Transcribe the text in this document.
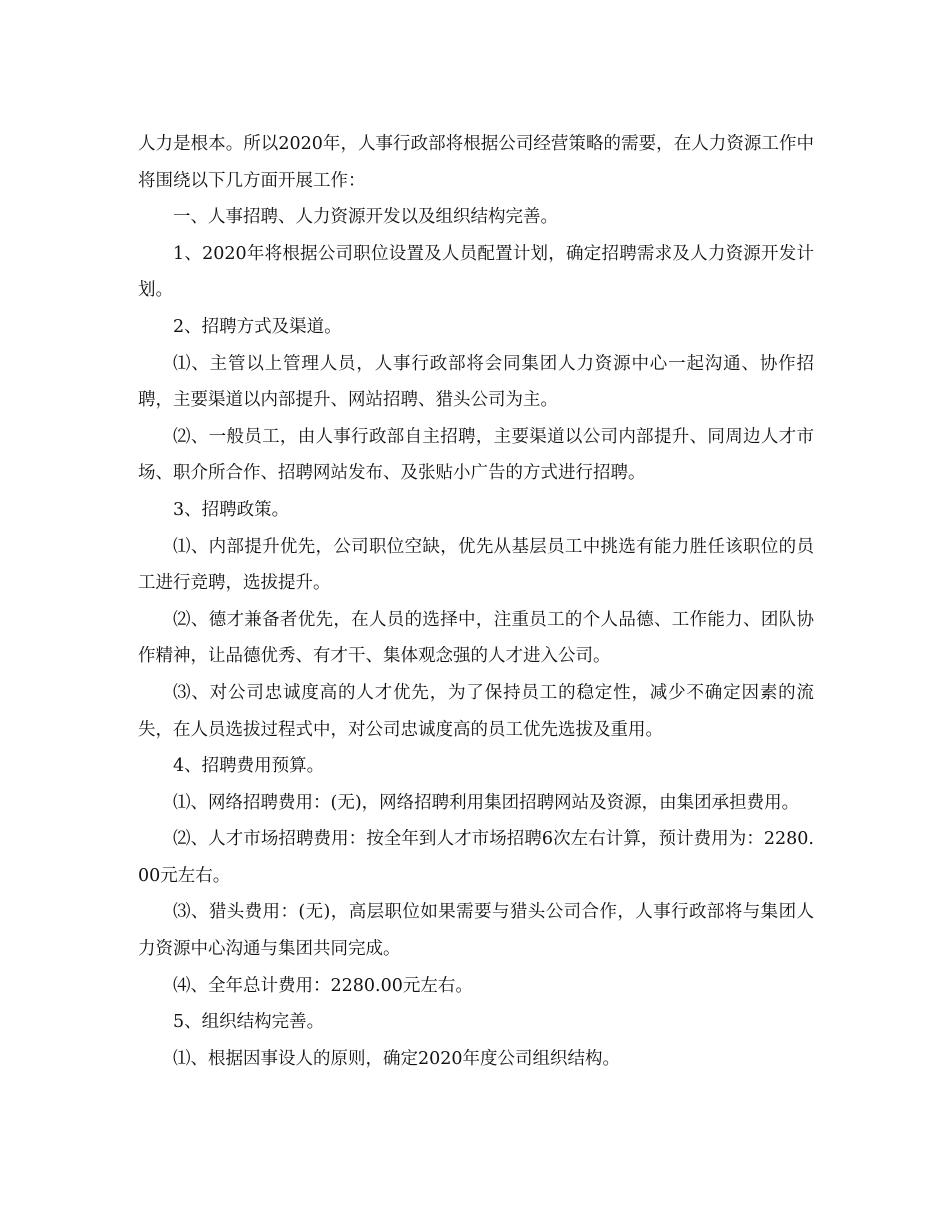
人力是根本。所以2020年，人事行政部将根据公司经营策略的需要，在人力资源工作中将围绕以下几方面开展工作：

一、人事招聘、人力资源开发以及组织结构完善。

1、2020年将根据公司职位设置及人员配置计划，确定招聘需求及人力资源开发计划。

2、招聘方式及渠道。

⑴、主管以上管理人员，人事行政部将会同集团人力资源中心一起沟通、协作招聘，主要渠道以内部提升、网站招聘、猎头公司为主。

⑵、一般员工，由人事行政部自主招聘，主要渠道以公司内部提升、同周边人才市场、职介所合作、招聘网站发布、及张贴小广告的方式进行招聘。

3、招聘政策。

⑴、内部提升优先，公司职位空缺，优先从基层员工中挑选有能力胜任该职位的员工进行竞聘，选拔提升。

⑵、德才兼备者优先，在人员的选择中，注重员工的个人品德、工作能力、团队协作精神，让品德优秀、有才干、集体观念强的人才进入公司。

⑶、对公司忠诚度高的人才优先，为了保持员工的稳定性，减少不确定因素的流失，在人员选拔过程式中，对公司忠诚度高的员工优先选拔及重用。

4、招聘费用预算。

⑴、网络招聘费用：(无)，网络招聘利用集团招聘网站及资源，由集团承担费用。

⑵、人才市场招聘费用：按全年到人才市场招聘6次左右计算，预计费用为：2280.00元左右。

⑶、猎头费用：(无)，高层职位如果需要与猎头公司合作，人事行政部将与集团人力资源中心沟通与集团共同完成。

⑷、全年总计费用：2280.00元左右。

5、组织结构完善。

⑴、根据因事设人的原则，确定2020年度公司组织结构。
